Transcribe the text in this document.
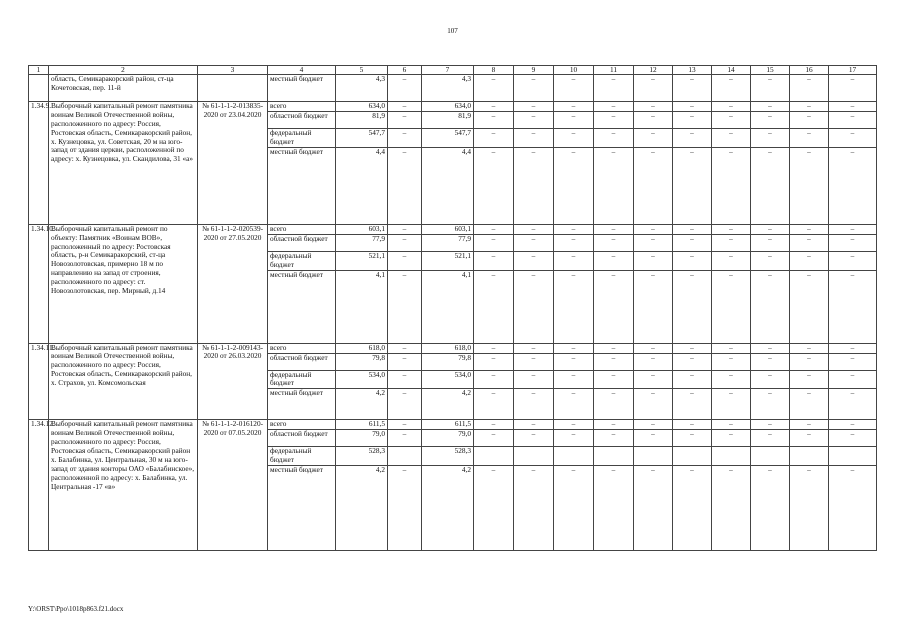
107
1	2	3	4	5	6	7	8	9	10	11	12	13	14	15	16	17
	область, Семикаракорский район, ст-ца Кочетовская, пер. 11-й		местный бюджет	4,3	–	4,3	–	–	–	–	–	–	–	–	–	–
1.34.9.	Выборочный капитальный ремонт памятника воинам Великой Отечественной войны, расположенного по адресу: Россия, Ростовская область, Семикаракорский район, х. Кузнецовка, ул. Советская, 20 м на юго-запад от здания церкви, расположенной по адресу: х. Кузнецовка, ул. Скандилова, 31 «а»	№ 61-1-1-2-013835-2020 от 23.04.2020	всего	634,0	–	634,0	–	–	–	–	–	–	–	–	–	–
			областной бюджет	81,9	–	81,9	–	–	–	–	–	–	–	–	–	–
			федеральный бюджет	547,7	–	547,7	–	–	–	–	–	–	–	–	–	–
			местный бюджет	4,4	–	4,4	–	–	–	–	–	–	–	–	–	–
1.34.10.	Выборочный капитальный ремонт по объекту: Памятник «Воинам ВОВ», расположенный по адресу: Ростовская область, р-н Семикаракорский, ст-ца Новозолотовская, примерно 18 м по направлению на запад от строения, расположенного по адресу: ст. Новозолотовская, пер. Мирный, д.14	№ 61-1-1-2-020539-2020 от 27.05.2020	всего	603,1	–	603,1	–	–	–	–	–	–	–	–	–	–
			областной бюджет	77,9	–	77,9	–	–	–	–	–	–	–	–	–	–
			федеральный бюджет	521,1	–	521,1	–	–	–	–	–	–	–	–	–	–
			местный бюджет	4,1	–	4,1	–	–	–	–	–	–	–	–	–	–
1.34.11.	Выборочный капитальный ремонт памятника воинам Великой Отечественной войны, расположенного по адресу: Россия, Ростовская область, Семикаракорский район, х. Страхов, ул. Комсомольская	№ 61-1-1-2-009143-2020 от 26.03.2020	всего	618,0	–	618,0	–	–	–	–	–	–	–	–	–	–
			областной бюджет	79,8	–	79,8	–	–	–	–	–	–	–	–	–	–
			федеральный бюджет	534,0	–	534,0	–	–	–	–	–	–	–	–	–	–
			местный бюджет	4,2	–	4,2	–	–	–	–	–	–	–	–	–	–
1.34.12.	Выборочный капитальный ремонт памятника воинам Великой Отечественной войны, расположенного по адресу: Россия, Ростовская область, Семикаракорский район х. Балабинка, ул. Центральная, 30 м на юго-запад от здания конторы ОАО «Балабинское», расположенной по адресу: х. Балабинка, ул. Центральная -17 «в»	№ 61-1-1-2-016120-2020 от 07.05.2020	всего	611,5	–	611,5	–	–	–	–	–	–	–	–	–	–
			областной бюджет	79,0	–	79,0	–	–	–	–	–	–	–	–	–	–
			федеральный бюджет	528,3		528,3										
			местный бюджет	4,2	–	4,2	–	–	–	–	–	–	–	–	–	–
Y:\ORST\Ppo\1018p863.f21.docx
